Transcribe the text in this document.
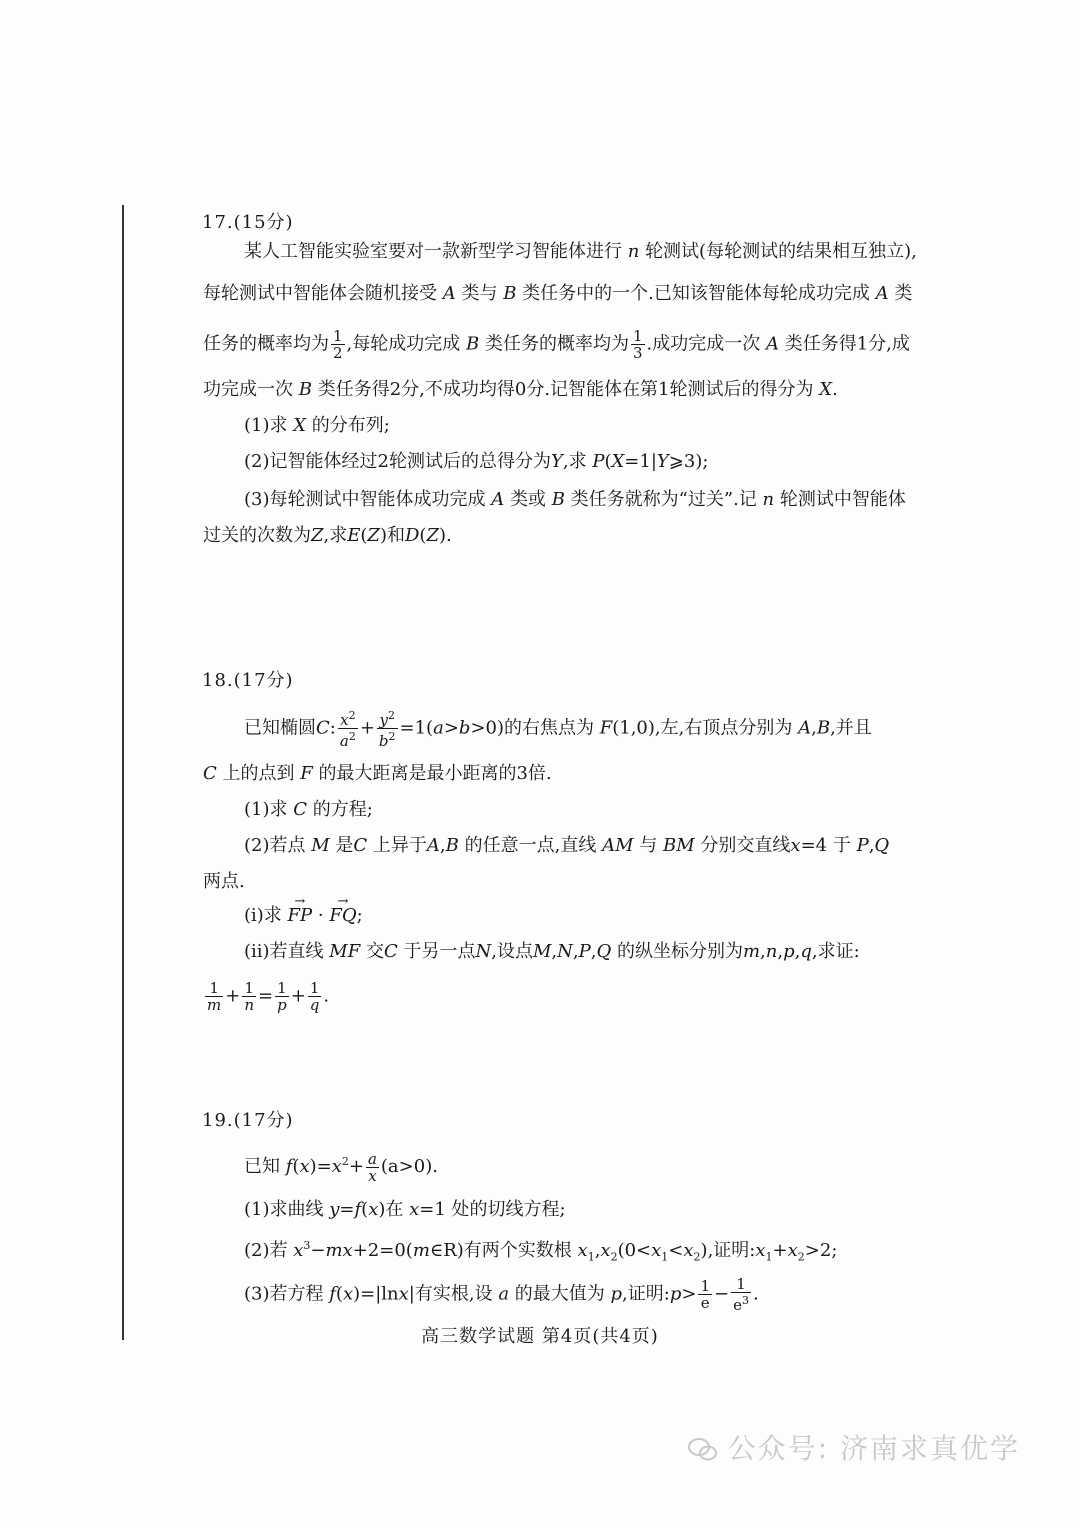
17.(15分)
某人工智能实验室要对一款新型学习智能体进行 n 轮测试(每轮测试的结果相互独立),
每轮测试中智能体会随机接受 A 类与 B 类任务中的一个.已知该智能体每轮成功完成 A 类
任务的概率均为 $\frac{1}{2}$ ,每轮成功完成 B 类任务的概率均为 $\frac{1}{3}$ .成功完成一次 A 类任务得1分,成
功完成一次 B 类任务得2分,不成功均得0分.记智能体在第1轮测试后的得分为 X.
(1)求 X 的分布列;
(2)记智能体经过2轮测试后的总得分为Y,求 P(X=1|Y⩾3);
(3)每轮测试中智能体成功完成 A 类或 B 类任务就称为“过关”.记 n 轮测试中智能体
过关的次数为Z,求E(Z)和D(Z).
18.(17分)
已知椭圆C: $\frac{x^2}{a^2} + \frac{y^2}{b^2} =1(a>b>0)$的右焦点为 F(1,0),左,右顶点分别为 A,B,并且
C 上的点到 F 的最大距离是最小距离的3倍.
(1)求 C 的方程;
(2)若点 M 是C 上异于A,B 的任意一点,直线 AM 与 BM 分别交直线x=4 于 P,Q
两点.
(i)求 → FP · → FQ;
(ii)若直线 MF 交C 于另一点N,设点M,N,P,Q 的纵坐标分别为m,n,p,q,求证:
$\frac{1}{m} + \frac{1}{n} = \frac{1}{p} + \frac{1}{q}$ .
19.(17分)
已知 $f(x)=x^2+ \frac{a}{x} (a>0)$.
(1)求曲线 y=f(x)在 x=1 处的切线方程;
(2)若 $x^3-mx+2=0(m\in R)$有两个实数根 $x_1,x_2(0<x_1<x_2)$,证明$:x_1+x_2>2$;
(3)若方程 f(x)=|lnx|有实根,设 a 的最大值为 p,证明:p> $\frac{1}{e} - \frac{1}{e^3}$ .
高三数学试题 第4页(共4页)
公众号: 济南求真优学
